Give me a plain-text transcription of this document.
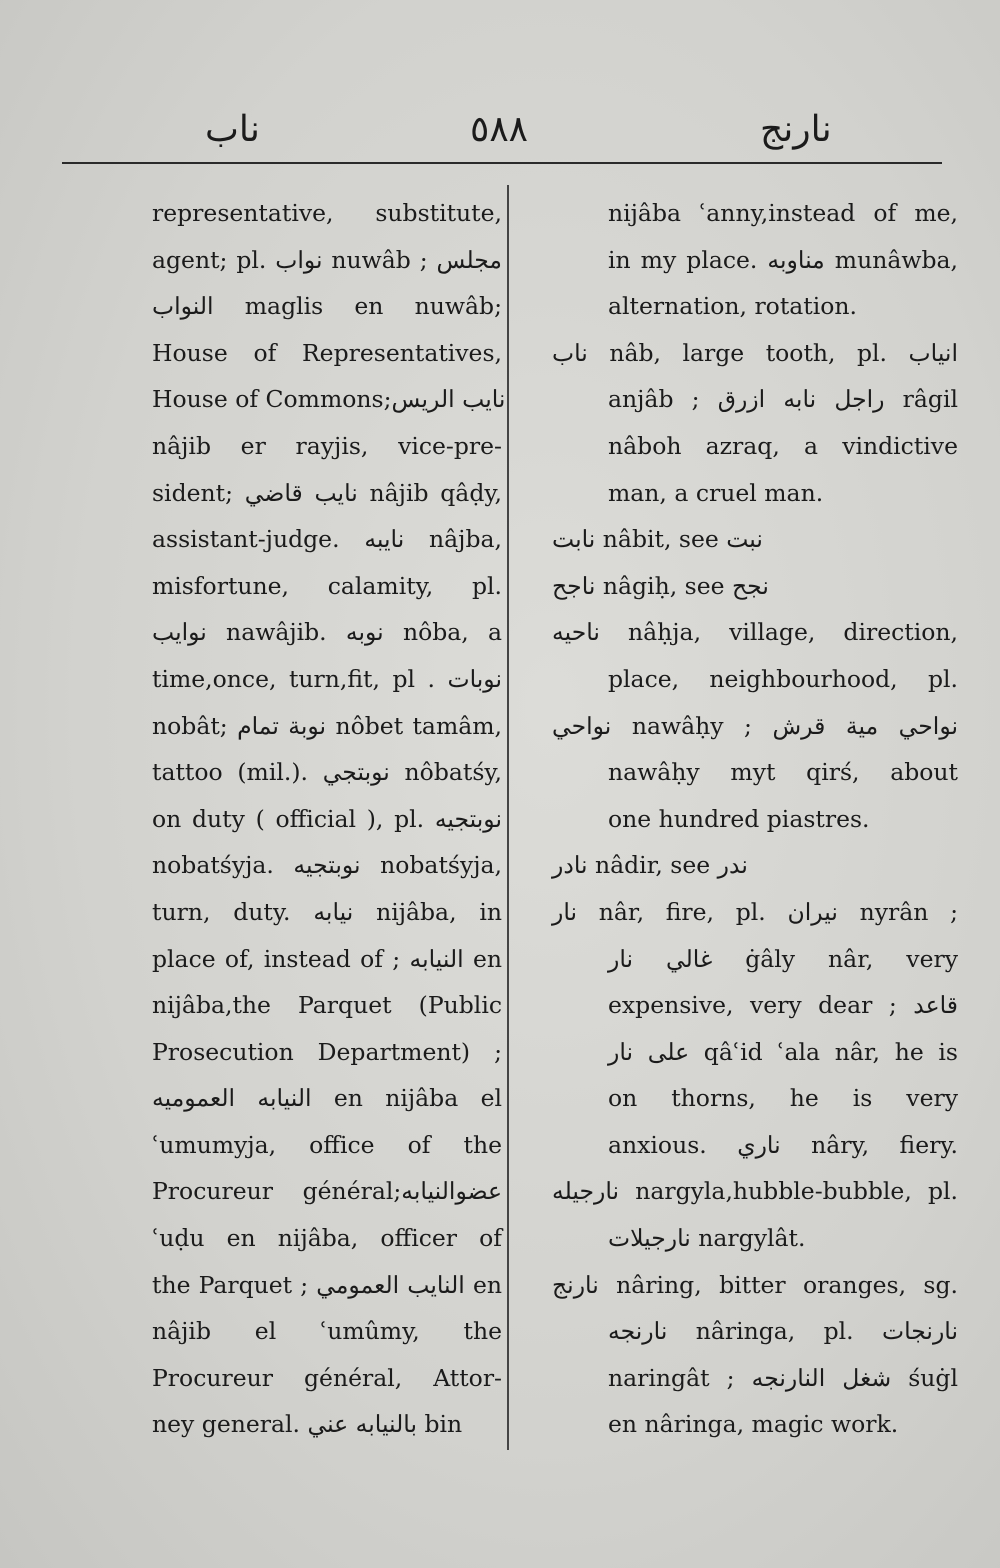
ناب	٥٨٨	نارنج
representative, substitute,
agent; pl. نواب nuwâb ; مجلس
النواب maglis en nuwâb;
House of Representatives,
House of Commons;نايب الريس
nâjib er rayjis, vice-pre-
sident; نايب قاضي nâjib qâḍy,
assistant-judge. نايبه nâjba,
misfortune, calamity, pl.
نوايب nawâjib. نوبه nôba, a
time,once, turn,fit, pl . نوبات
nobât; نوبة تمام nôbet tamâm,
tattoo (mil.). نوبتجي nôbatśy,
on duty ( official ), pl. نوبتجيه
nobatśyja. نوبتجيه nobatśyja,
turn, duty. نيابه nijâba, in
place of, instead of ; النيابه en
nijâba,the Parquet (Public
Prosecution Department) ;
النيابه العموميه en nijâba el
ʿumumyja, office of the
Procureur général;عضوالنيابه
ʿuḍu en nijâba, officer of
the Parquet ; النايب العمومي en
nâjib el ʿumûmy, the
Procureur général, Attor-
ney general. بالنيابه عني bin
nijâba ʿanny,instead of me,
in my place. مناوبه munâwba,
alternation, rotation.
ناب nâb, large tooth, pl. انياب
anjâb ; راجل نابه ازرق râgil
nâboh azraq, a vindictive
man, a cruel man.
نابت nâbit, see نبت
ناجح nâgiḥ, see نجح
ناحيه nâḥja, village, direction,
place, neighbourhood, pl.
نواحي nawâḥy ; نواحي مية قرش
nawâḥy myt qirś, about
one hundred piastres.
نادر nâdir, see ندر
نار nâr, fire, pl. نيران nyrân ;
غالي نار ġâly nâr, very
expensive, very dear ; قاعد
على نار qâʿid ʿala nâr, he is
on thorns, he is very
anxious. ناري nâry, fiery.
نارجيله nargyla,hubble-bubble, pl.
نارجيلات nargylât.
نارنج nâring, bitter oranges, sg.
نارنجه nâringa, pl. نارنجات
naringât ; شغل النارنجه śuġl
en nâringa, magic work.
